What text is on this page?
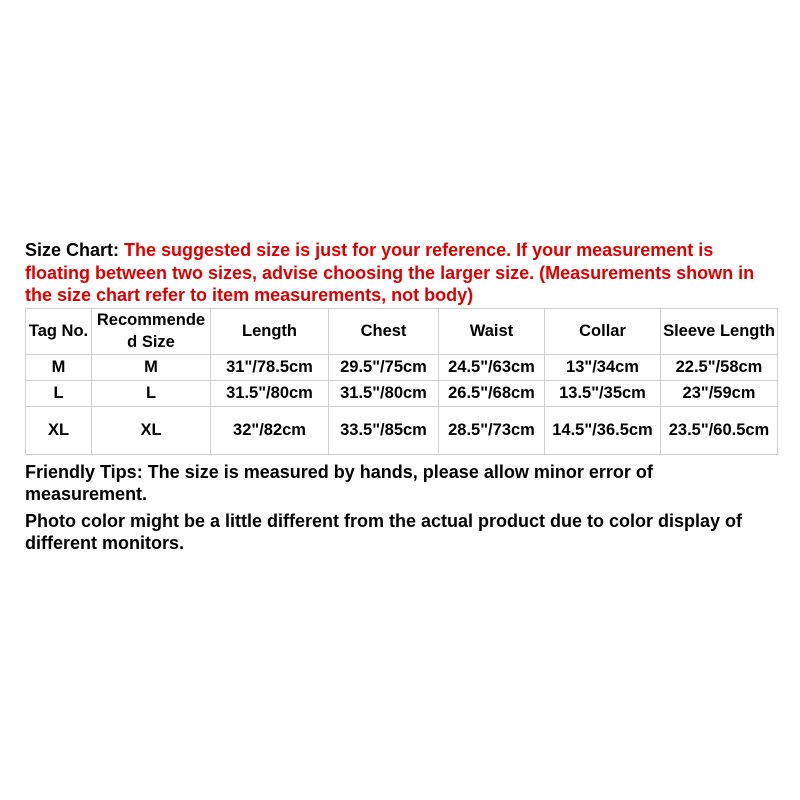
Size Chart: The suggested size is just for your reference. If your measurement is floating between two sizes, advise choosing the larger size. (Measurements shown in the size chart refer to item measurements, not body)

Tag No.	Recommended Size	Length	Chest	Waist	Collar	Sleeve Length
M	M	31"/78.5cm	29.5"/75cm	24.5"/63cm	13"/34cm	22.5"/58cm
L	L	31.5"/80cm	31.5"/80cm	26.5"/68cm	13.5"/35cm	23"/59cm
XL	XL	32"/82cm	33.5"/85cm	28.5"/73cm	14.5"/36.5cm	23.5"/60.5cm

Friendly Tips: The size is measured by hands, please allow minor error of measurement.

Photo color might be a little different from the actual product due to color display of different monitors.
